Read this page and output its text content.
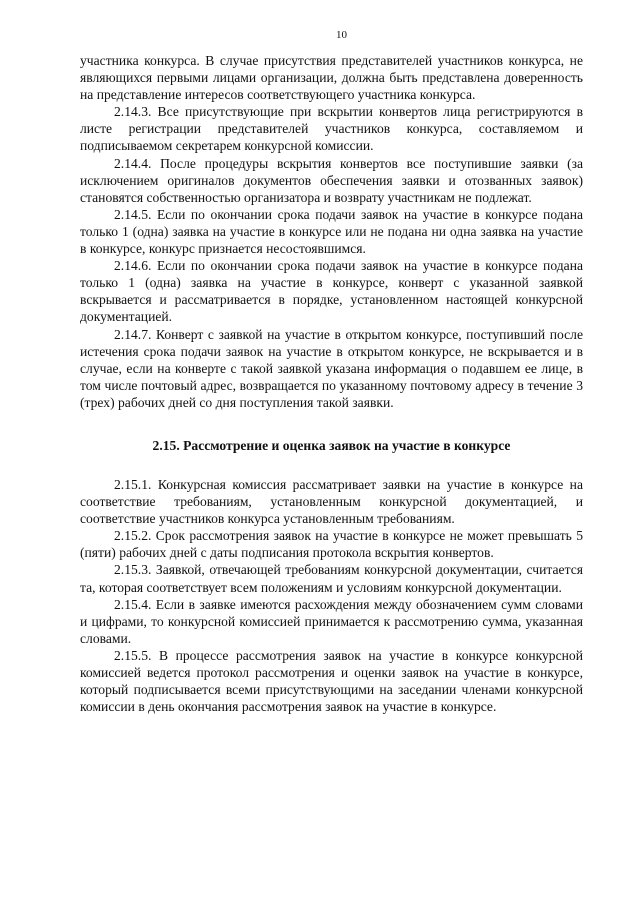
10

участника конкурса. В случае присутствия представителей участников конкурса, не являющихся первыми лицами организации, должна быть представлена доверенность на представление интересов соответствующего участника конкурса.

2.14.3. Все присутствующие при вскрытии конвертов лица регистрируются в листе регистрации представителей участников конкурса, составляемом и подписываемом секретарем конкурсной комиссии.

2.14.4. После процедуры вскрытия конвертов все поступившие заявки (за исключением оригиналов документов обеспечения заявки и отозванных заявок) становятся собственностью организатора и возврату участникам не подлежат.

2.14.5. Если по окончании срока подачи заявок на участие в конкурсе подана только 1 (одна) заявка на участие в конкурсе или не подана ни одна заявка на участие в конкурсе, конкурс признается несостоявшимся.

2.14.6. Если по окончании срока подачи заявок на участие в конкурсе подана только 1 (одна) заявка на участие в конкурсе, конверт с указанной заявкой вскрывается и рассматривается в порядке, установленном настоящей конкурсной документацией.

2.14.7. Конверт с заявкой на участие в открытом конкурсе, поступивший после истечения срока подачи заявок на участие в открытом конкурсе, не вскрывается и в случае, если на конверте с такой заявкой указана информация о подавшем ее лице, в том числе почтовый адрес, возвращается по указанному почтовому адресу в течение 3 (трех) рабочих дней со дня поступления такой заявки.

2.15. Рассмотрение и оценка заявок на участие в конкурсе

2.15.1. Конкурсная комиссия рассматривает заявки на участие в конкурсе на соответствие требованиям, установленным конкурсной документацией, и соответствие участников конкурса установленным требованиям.

2.15.2. Срок рассмотрения заявок на участие в конкурсе не может превышать 5 (пяти) рабочих дней с даты подписания протокола вскрытия конвертов.

2.15.3. Заявкой, отвечающей требованиям конкурсной документации, считается та, которая соответствует всем положениям и условиям конкурсной документации.

2.15.4. Если в заявке имеются расхождения между обозначением сумм словами и цифрами, то конкурсной комиссией принимается к рассмотрению сумма, указанная словами.

2.15.5. В процессе рассмотрения заявок на участие в конкурсе конкурсной комиссией ведется протокол рассмотрения и оценки заявок на участие в конкурсе, который подписывается всеми присутствующими на заседании членами конкурсной комиссии в день окончания рассмотрения заявок на участие в конкурсе.
